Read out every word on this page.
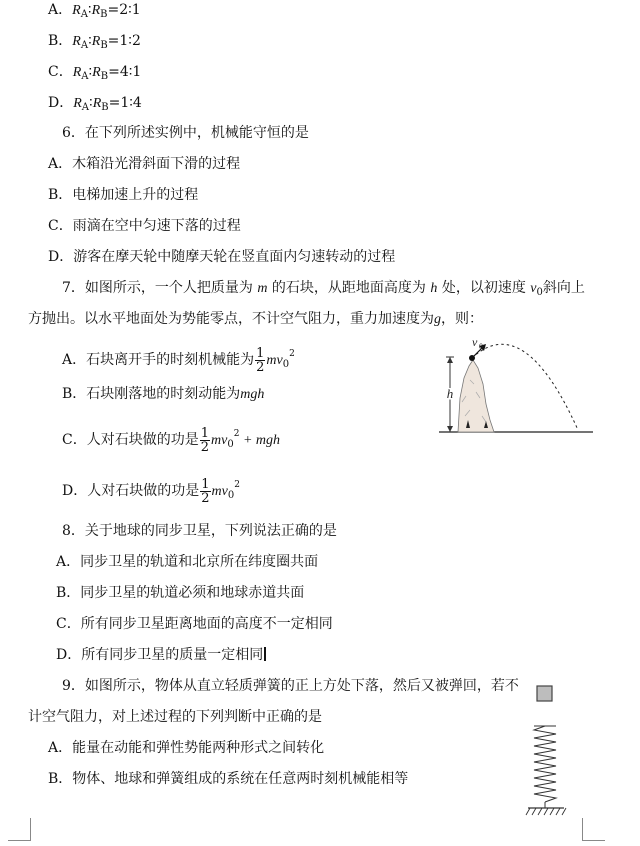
A．$R_A∶R_B=2∶1$
B．$R_A∶R_B=1∶2$
C．$R_A∶R_B=4∶1$
D．$R_A∶R_B=1∶4$
6．在下列所述实例中，机械能守恒的是
A．木箱沿光滑斜面下滑的过程
B．电梯加速上升的过程
C．雨滴在空中匀速下落的过程
D．游客在摩天轮中随摩天轮在竖直面内匀速转动的过程
7．如图所示，一个人把质量为 m 的石块，从距地面高度为 h 处，以初速度 $v_0$斜向上
方抛出。以水平地面处为势能零点，不计空气阻力，重力加速度为g，则：
A．石块离开手的时刻机械能为 $\frac{1}{2} mv_0^2$
B．石块刚落地的时刻动能为mgh
C．人对石块做的功是 $\frac{1}{2} mv_0^2$ + mgh
D．人对石块做的功是 $\frac{1}{2} mv_0^2$
h
v 0
8．关于地球的同步卫星，下列说法正确的是
A．同步卫星的轨道和北京所在纬度圈共面
B．同步卫星的轨道必须和地球赤道共面
C．所有同步卫星距离地面的高度不一定相同
D．所有同步卫星的质量一定相同
9．如图所示，物体从直立轻质弹簧的正上方处下落，然后又被弹回，若不
计空气阻力，对上述过程的下列判断中正确的是
A．能量在动能和弹性势能两种形式之间转化
B．物体、地球和弹簧组成的系统在任意两时刻机械能相等
